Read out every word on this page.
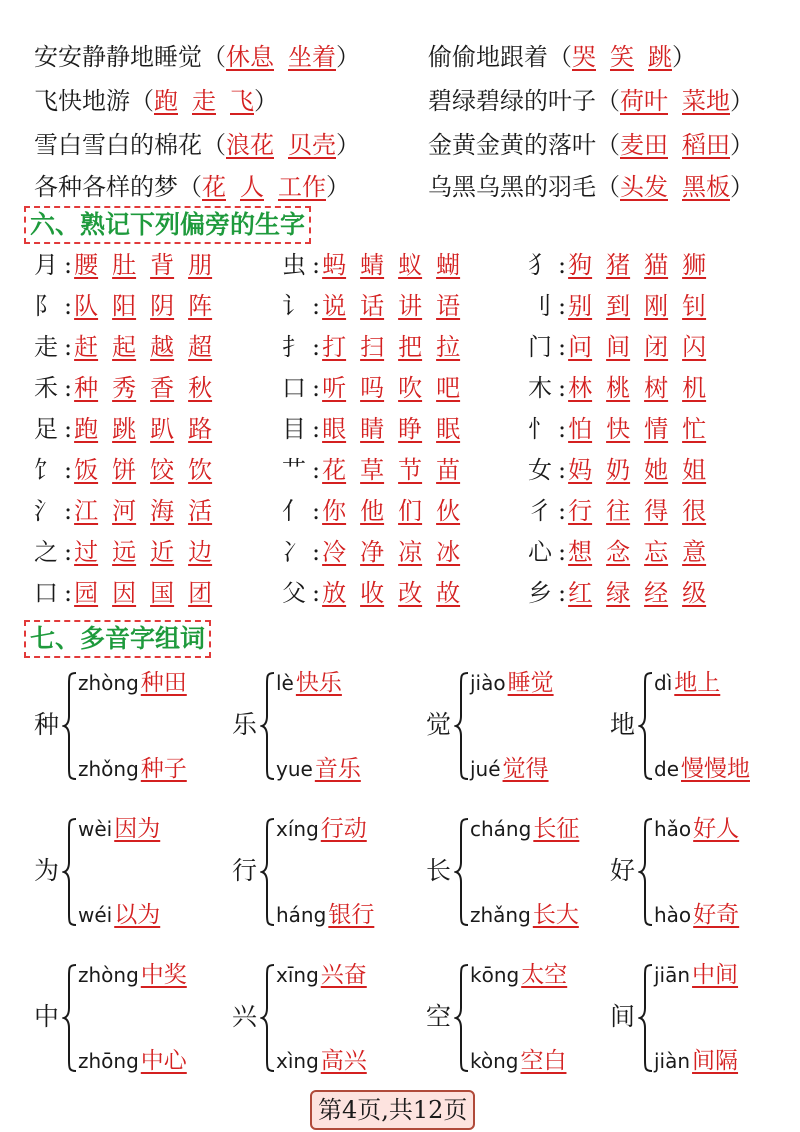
安安静静地睡觉（休息 坐着）
飞快地游（跑 走 飞）
雪白雪白的棉花（浪花 贝壳）
各种各样的梦（花 人 工作）
偷偷地跟着（哭 笑 跳）
碧绿碧绿的叶子（荷叶 菜地）
金黄金黄的落叶（麦田 稻田）
乌黑乌黑的羽毛（头发 黑板）
六、熟记下列偏旁的生字
月 :腰 肚 背 朋	虫 :蚂 蜻 蚁 蝴	犭 :狗 猪 猫 狮
阝 :队 阳 阴 阵	讠 :说 话 讲 语	刂 :别 到 刚 钊
走 :赶 起 越 超	扌 :打 扫 把 拉	门 :问 间 闭 闪
禾 :种 秀 香 秋	口 :听 吗 吹 吧	木 :林 桃 树 机
足 :跑 跳 趴 路	目 :眼 睛 睁 眠	忄 :怕 快 情 忙
饣 :饭 饼 饺 饮	艹 :花 草 节 苗	女 :妈 奶 她 姐
氵 :江 河 海 活	亻 :你 他 们 伙	彳 :行 往 得 很
之 :过 远 近 边	冫 :冷 净 凉 冰	心 :想 念 忘 意
口 :园 因 国 团	父 :放 收 改 故	乡 :红 绿 经 级
七、多音字组词
种
zhòng种田
zhǒng种子
乐
lè快乐
yue音乐
觉
jiào睡觉
jué觉得
地
dì地上
de慢慢地
为
wèi因为
wéi以为
行
xíng行动
háng银行
长
cháng长征
zhǎng长大
好
hǎo好人
hào好奇
中
zhòng中奖
zhōng中心
兴
xīng兴奋
xìng高兴
空
kōng太空
kòng空白
间
jiān中间
jiàn间隔
第4页,共12页
